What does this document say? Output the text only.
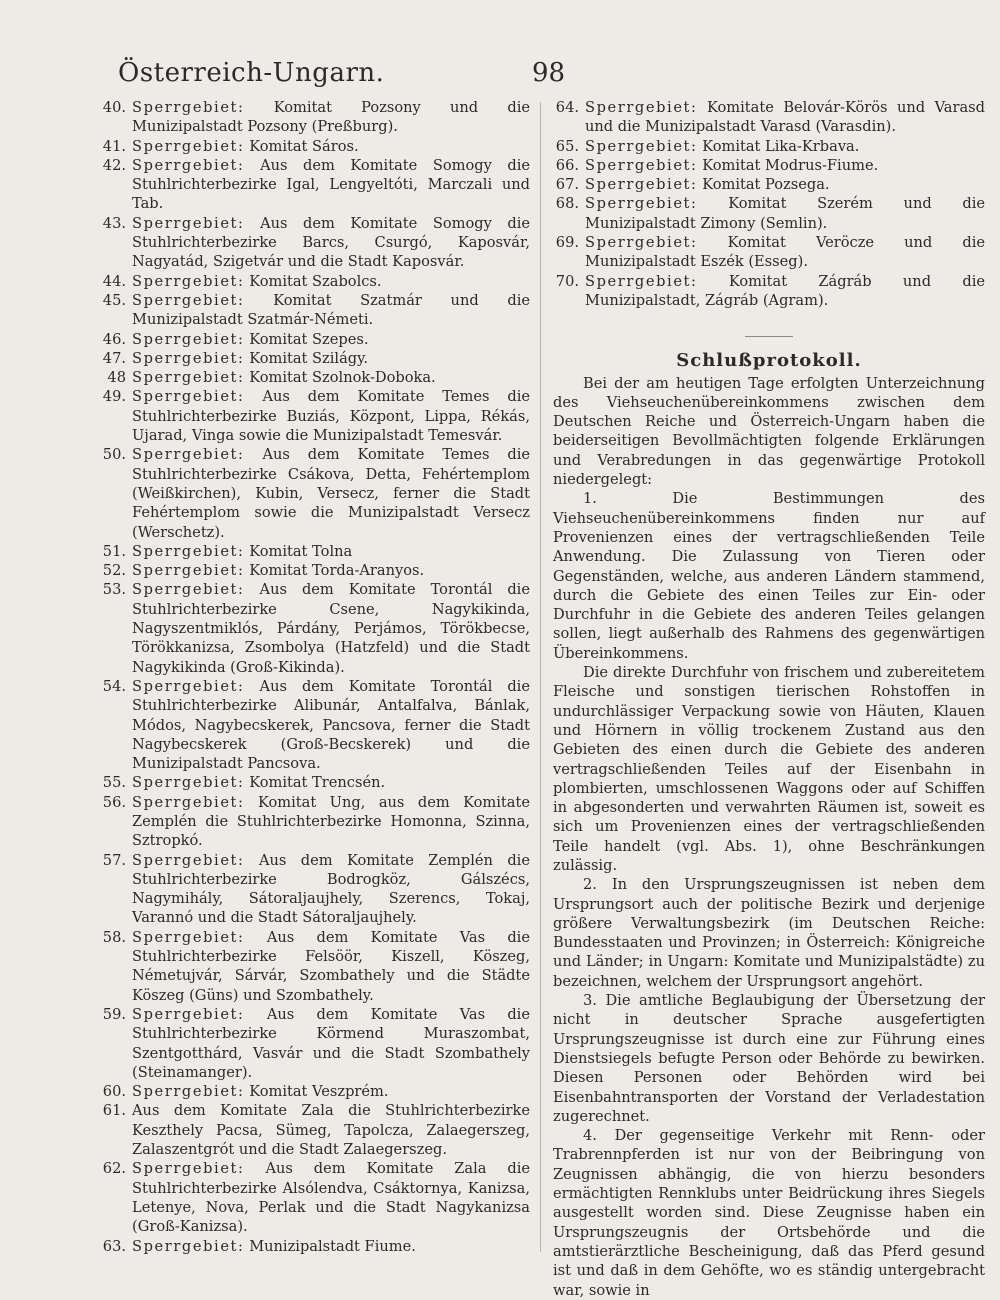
Österreich-Ungarn.	98
40. Sperrgebiet: Komitat Pozsony und die Munizipalstadt Pozsony (Preßburg).
41. Sperrgebiet: Komitat Sáros.
42. Sperrgebiet: Aus dem Komitate Somogy die Stuhlrichterbezirke Igal, Lengyeltóti, Marczali und Tab.
43. Sperrgebiet: Aus dem Komitate Somogy die Stuhlrichterbezirke Barcs, Csurgó, Kaposvár, Nagyatád, Szigetvár und die Stadt Kaposvár.
44. Sperrgebiet: Komitat Szabolcs.
45. Sperrgebiet: Komitat Szatmár und die Munizipalstadt Szatmár-Németi.
46. Sperrgebiet: Komitat Szepes.
47. Sperrgebiet: Komitat Szilágy.
48 Sperrgebiet: Komitat Szolnok-Doboka.
49. Sperrgebiet: Aus dem Komitate Temes die Stuhlrichterbezirke Buziás, Központ, Lippa, Rékás, Ujarad, Vinga sowie die Munizipalstadt Temesvár.
50. Sperrgebiet: Aus dem Komitate Temes die Stuhlrichterbezirke Csákova, Detta, Fehértemplom (Weißkirchen), Kubin, Versecz, ferner die Stadt Fehértemplom sowie die Munizipalstadt Versecz (Werschetz).
51. Sperrgebiet: Komitat Tolna
52. Sperrgebiet: Komitat Torda-Aranyos.
53. Sperrgebiet: Aus dem Komitate Torontál die Stuhlrichterbezirke Csene, Nagykikinda, Nagyszentmiklós, Párdány, Perjámos, Törökbecse, Törökkanizsa, Zsombolya (Hatzfeld) und die Stadt Nagykikinda (Groß-Kikinda).
54. Sperrgebiet: Aus dem Komitate Torontál die Stuhlrichterbezirke Alibunár, Antalfalva, Bánlak, Módos, Nagybecskerek, Pancsova, ferner die Stadt Nagybecskerek (Groß-Becskerek) und die Munizipalstadt Pancsova.
55. Sperrgebiet: Komitat Trencsén.
56. Sperrgebiet: Komitat Ung, aus dem Komitate Zemplén die Stuhlrichterbezirke Homonna, Szinna, Sztropkó.
57. Sperrgebiet: Aus dem Komitate Zemplén die Stuhlrichterbezirke Bodrogköz, Gálszécs, Nagymihály, Sátoraljaujhely, Szerencs, Tokaj, Varannó und die Stadt Sátoraljaujhely.
58. Sperrgebiet: Aus dem Komitate Vas die Stuhlrichterbezirke Felsöör, Kiszell, Köszeg, Németujvár, Sárvár, Szombathely und die Städte Köszeg (Güns) und Szombathely.
59. Sperrgebiet: Aus dem Komitate Vas die Stuhlrichterbezirke Körmend Muraszombat, Szentgotthárd, Vasvár und die Stadt Szombathely (Steinamanger).
60. Sperrgebiet: Komitat Veszprém.
61. Aus dem Komitate Zala die Stuhlrichterbezirke Keszthely Pacsa, Sümeg, Tapolcza, Zalaegerszeg, Zalaszentgrót und die Stadt Zalaegerszeg.
62. Sperrgebiet: Aus dem Komitate Zala die Stuhlrichterbezirke Alsólendva, Csáktornya, Kanizsa, Letenye, Nova, Perlak und die Stadt Nagykanizsa (Groß-Kanizsa).
63. Sperrgebiet: Munizipalstadt Fiume.
64. Sperrgebiet: Komitate Belovár-Körös und Varasd und die Munizipalstadt Varasd (Varasdin).
65. Sperrgebiet: Komitat Lika-Krbava.
66. Sperrgebiet: Komitat Modrus-Fiume.
67. Sperrgebiet: Komitat Pozsega.
68. Sperrgebiet: Komitat Szerém und die Munizipalstadt Zimony (Semlin).
69. Sperrgebiet: Komitat Veröcze und die Munizipalstadt Eszék (Esseg).
70. Sperrgebiet: Komitat Zágráb und die Munizipalstadt, Zágráb (Agram).
Schlußprotokoll.

Bei der am heutigen Tage erfolgten Unterzeichnung des Viehseuchenübereinkommens zwischen dem Deutschen Reiche und Österreich-Ungarn haben die beiderseitigen Bevollmächtigten folgende Erklärungen und Verabredungen in das gegenwärtige Protokoll niedergelegt:

1. Die Bestimmungen des Viehseuchenübereinkommens finden nur auf Provenienzen eines der vertragschließenden Teile Anwendung. Die Zulassung von Tieren oder Gegenständen, welche, aus anderen Ländern stammend, durch die Gebiete des einen Teiles zur Ein- oder Durchfuhr in die Gebiete des anderen Teiles gelangen sollen, liegt außerhalb des Rahmens des gegenwärtigen Übereinkommens.

Die direkte Durchfuhr von frischem und zubereitetem Fleische und sonstigen tierischen Rohstoffen in undurchlässiger Verpackung sowie von Häuten, Klauen und Hörnern in völlig trockenem Zustand aus den Gebieten des einen durch die Gebiete des anderen vertragschließenden Teiles auf der Eisenbahn in plombierten, umschlossenen Waggons oder auf Schiffen in abgesonderten und verwahrten Räumen ist, soweit es sich um Provenienzen eines der vertragschließenden Teile handelt (vgl. Abs. 1), ohne Beschränkungen zulässig.

2. In den Ursprungszeugnissen ist neben dem Ursprungsort auch der politische Bezirk und derjenige größere Verwaltungsbezirk (im Deutschen Reiche: Bundesstaaten und Provinzen; in Österreich: Königreiche und Länder; in Ungarn: Komitate und Munizipalstädte) zu bezeichnen, welchem der Ursprungsort angehört.

3. Die amtliche Beglaubigung der Übersetzung der nicht in deutscher Sprache ausgefertigten Ursprungszeugnisse ist durch eine zur Führung eines Dienstsiegels befugte Person oder Behörde zu bewirken. Diesen Personen oder Behörden wird bei Eisenbahntransporten der Vorstand der Verladestation zugerechnet.

4. Der gegenseitige Verkehr mit Renn- oder Trabrennpferden ist nur von der Beibringung von Zeugnissen abhängig, die von hierzu besonders ermächtigten Rennklubs unter Beidrückung ihres Siegels ausgestellt worden sind. Diese Zeugnisse haben ein Ursprungszeugnis der Ortsbehörde und die amtstierärztliche Bescheinigung, daß das Pferd gesund ist und daß in dem Gehöfte, wo es ständig untergebracht war, sowie in
